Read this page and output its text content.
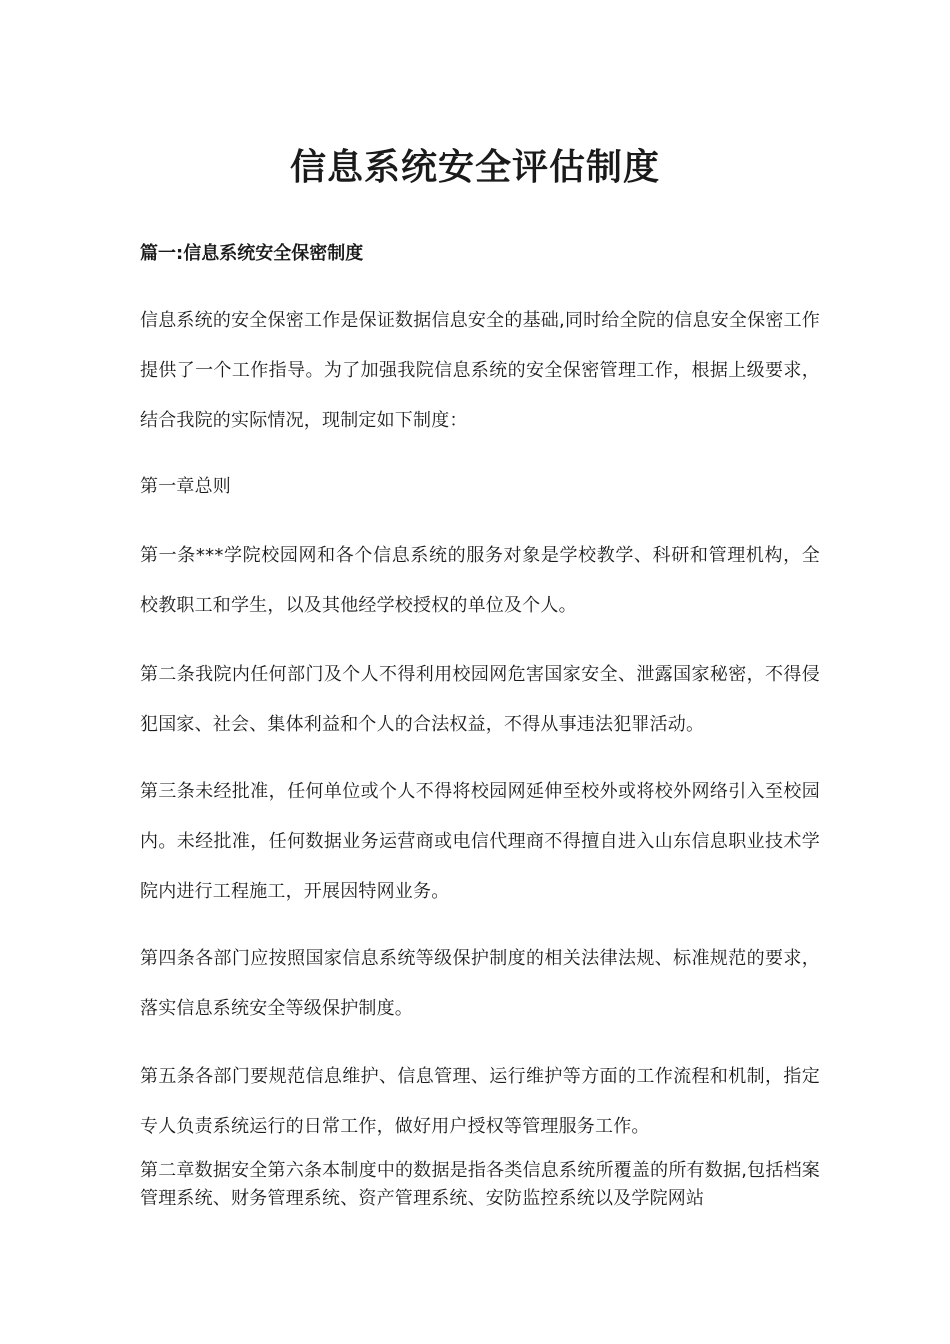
信息系统安全评估制度
篇一:信息系统安全保密制度

信息系统的安全保密工作是保证数据信息安全的基础,同时给全院的信息安全保密工作提供了一个工作指导。为了加强我院信息系统的安全保密管理工作，根据上级要求，结合我院的实际情况，现制定如下制度：

第一章总则

第一条***学院校园网和各个信息系统的服务对象是学校教学、科研和管理机构，全校教职工和学生，以及其他经学校授权的单位及个人。

第二条我院内任何部门及个人不得利用校园网危害国家安全、泄露国家秘密，不得侵犯国家、社会、集体利益和个人的合法权益，不得从事违法犯罪活动。

第三条未经批准，任何单位或个人不得将校园网延伸至校外或将校外网络引入至校园内。未经批准，任何数据业务运营商或电信代理商不得擅自进入山东信息职业技术学院内进行工程施工，开展因特网业务。

第四条各部门应按照国家信息系统等级保护制度的相关法律法规、标准规范的要求，落实信息系统安全等级保护制度。

第五条各部门要规范信息维护、信息管理、运行维护等方面的工作流程和机制，指定专人负责系统运行的日常工作，做好用户授权等管理服务工作。

第二章数据安全第六条本制度中的数据是指各类信息系统所覆盖的所有数据,包括档案管理系统、财务管理系统、资产管理系统、安防监控系统以及学院网站
